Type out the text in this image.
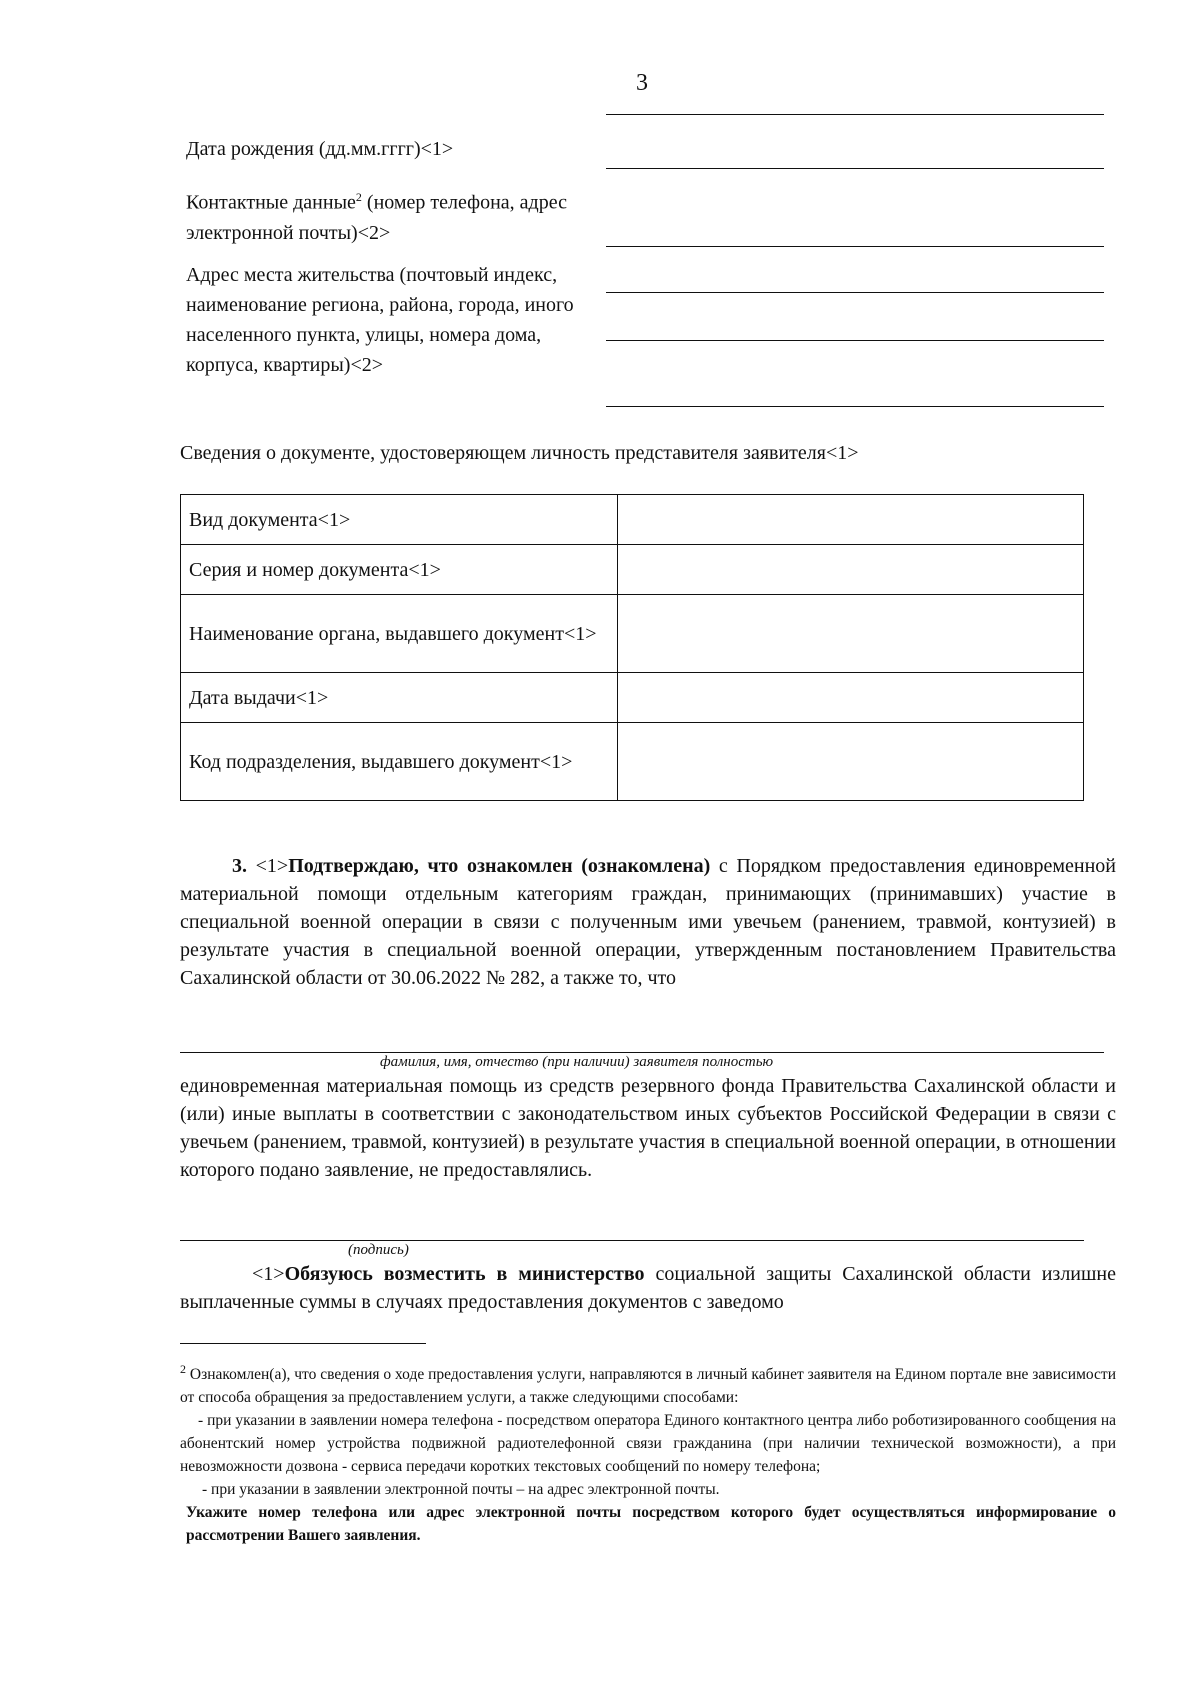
3
Дата рождения (дд.мм.гггг)<1>
Контактные данные$^2$ (номер телефона, адрес электронной почты)<2>
Адрес места жительства (почтовый индекс, наименование региона, района, города, иного населенного пункта, улицы, номера дома, корпуса, квартиры)<2>
Сведения о документе, удостоверяющем личность представителя заявителя<1>
Вид документа<1>	
Серия и номер документа<1>	
Наименование органа, выдавшего документ<1>	
Дата выдачи<1>	
Код подразделения, выдавшего документ<1>	
3. <1>Подтверждаю, что ознакомлен (ознакомлена) с Порядком предоставления единовременной материальной помощи отдельным категориям граждан, принимающих (принимавших) участие в специальной военной операции в связи с полученным ими увечьем (ранением, травмой, контузией) в результате участия в специальной военной операции, утвержденным постановлением Правительства Сахалинской области от 30.06.2022 № 282, а также то, что
фамилия, имя, отчество (при наличии) заявителя полностью
единовременная материальная помощь из средств резервного фонда Правительства Сахалинской области и (или) иные выплаты в соответствии с законодательством иных субъектов Российской Федерации в связи с увечьем (ранением, травмой, контузией) в результате участия в специальной военной операции, в отношении которого подано заявление, не предоставлялись.
(подпись)
<1>Обязуюсь возместить в министерство социальной защиты Сахалинской области излишне выплаченные суммы в случаях предоставления документов с заведомо
$^2$ Ознакомлен(а), что сведения о ходе предоставления услуги, направляются в личный кабинет заявителя на Едином портале вне зависимости от способа обращения за предоставлением услуги, а также следующими способами:
- при указании в заявлении номера телефона - посредством оператора Единого контактного центра либо роботизированного сообщения на абонентский номер устройства подвижной радиотелефонной связи гражданина (при наличии технической возможности), а при невозможности дозвона - сервиса передачи коротких текстовых сообщений по номеру телефона;
- при указании в заявлении электронной почты – на адрес электронной почты.
Укажите номер телефона или адрес электронной почты посредством которого будет осуществляться информирование о рассмотрении Вашего заявления.
